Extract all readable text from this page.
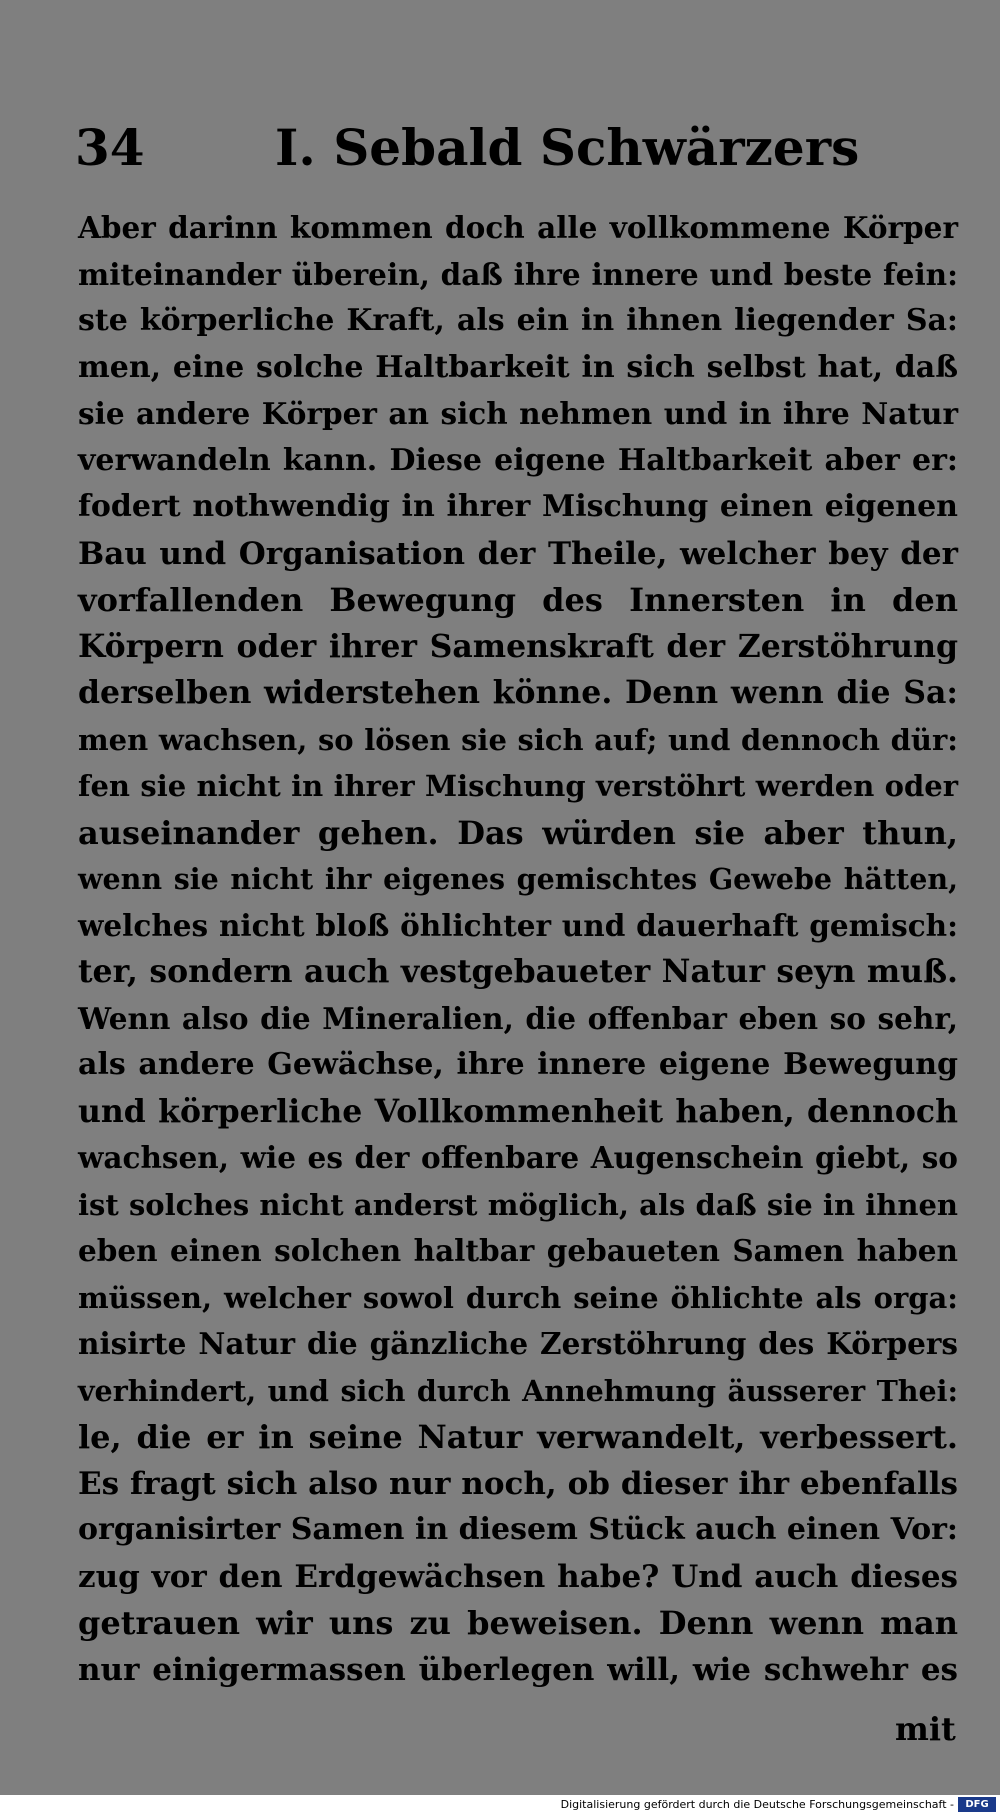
34	I. Sebald Schwärzers
Aber darinn kommen doch alle vollkommene Körper
miteinander überein, daß ihre innere und beste fein:
ste körperliche Kraft, als ein in ihnen liegender Sa:
men, eine solche Haltbarkeit in sich selbst hat, daß
sie andere Körper an sich nehmen und in ihre Natur
verwandeln kann. Diese eigene Haltbarkeit aber er:
fodert nothwendig in ihrer Mischung einen eigenen
Bau und Organisation der Theile, welcher bey der
vorfallenden Bewegung des Innersten in den
Körpern oder ihrer Samenskraft der Zerstöhrung
derselben widerstehen könne. Denn wenn die Sa:
men wachsen, so lösen sie sich auf; und dennoch dür:
fen sie nicht in ihrer Mischung verstöhrt werden oder
auseinander gehen. Das würden sie aber thun,
wenn sie nicht ihr eigenes gemischtes Gewebe hätten,
welches nicht bloß öhlichter und dauerhaft gemisch:
ter, sondern auch vestgebaueter Natur seyn muß.
Wenn also die Mineralien, die offenbar eben so sehr,
als andere Gewächse, ihre innere eigene Bewegung
und körperliche Vollkommenheit haben, dennoch
wachsen, wie es der offenbare Augenschein giebt, so
ist solches nicht anderst möglich, als daß sie in ihnen
eben einen solchen haltbar gebaueten Samen haben
müssen, welcher sowol durch seine öhlichte als orga:
nisirte Natur die gänzliche Zerstöhrung des Körpers
verhindert, und sich durch Annehmung äusserer Thei:
le, die er in seine Natur verwandelt, verbessert.
Es fragt sich also nur noch, ob dieser ihr ebenfalls
organisirter Samen in diesem Stück auch einen Vor:
zug vor den Erdgewächsen habe? Und auch dieses
getrauen wir uns zu beweisen. Denn wenn man
nur einigermassen überlegen will, wie schwehr es
mit
Digitalisierung gefördert durch die Deutsche Forschungsgemeinschaft -	DFG
